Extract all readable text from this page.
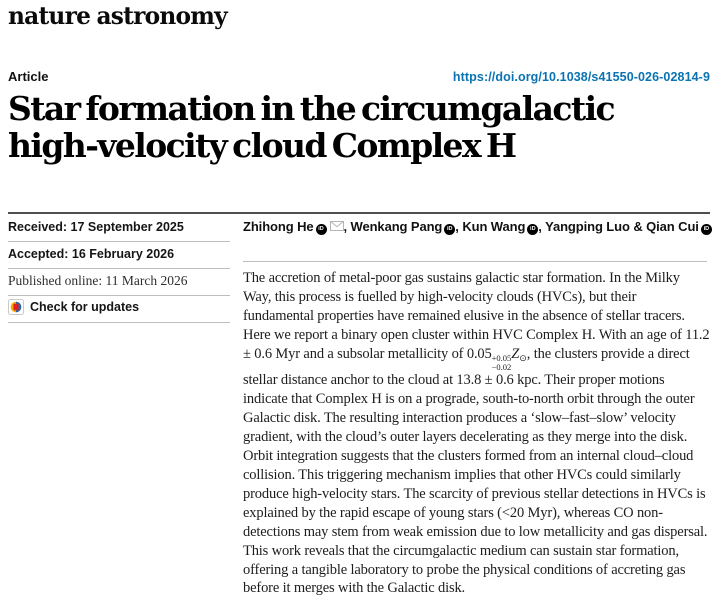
nature astronomy
Article	https://doi.org/10.1038/s41550-026-02814-9
Star formation in the circumgalactic
high-velocity cloud Complex H
Received: 17 September 2025
Accepted: 16 February 2026
Published online: 11 March 2026
Check for updates
Zhihong He iD , Wenkang Pang iD , Kun Wang iD , Yangping Luo & Qian Cui iD

The accretion of metal-poor gas sustains galactic star formation. In the Milky Way, this process is fuelled by high-velocity clouds (HVCs), but their fundamental properties have remained elusive in the absence of stellar tracers. Here we report a binary open cluster within HVC Complex H. With an age of 11.2 ± 0.6 Myr and a subsolar metallicity of 0.05 +0.05
−0.02
$Z_⊙$, the clusters provide a direct stellar distance anchor to the cloud at 13.8 ± 0.6 kpc. Their proper motions indicate that Complex H is on a prograde, south-to-north orbit through the outer Galactic disk. The resulting interaction produces a ‘slow–fast–slow’ velocity gradient, with the cloud’s outer layers decelerating as they merge into the disk. Orbit integration suggests that the clusters formed from an internal cloud–cloud collision. This triggering mechanism implies that other HVCs could similarly produce high-velocity stars. The scarcity of previous stellar detections in HVCs is explained by the rapid escape of young stars (<20 Myr), whereas CO non-detections may stem from weak emission due to low metallicity and gas dispersal. This work reveals that the circumgalactic medium can sustain star formation, offering a tangible laboratory to probe the physical conditions of accreting gas before it merges with the Galactic disk.
